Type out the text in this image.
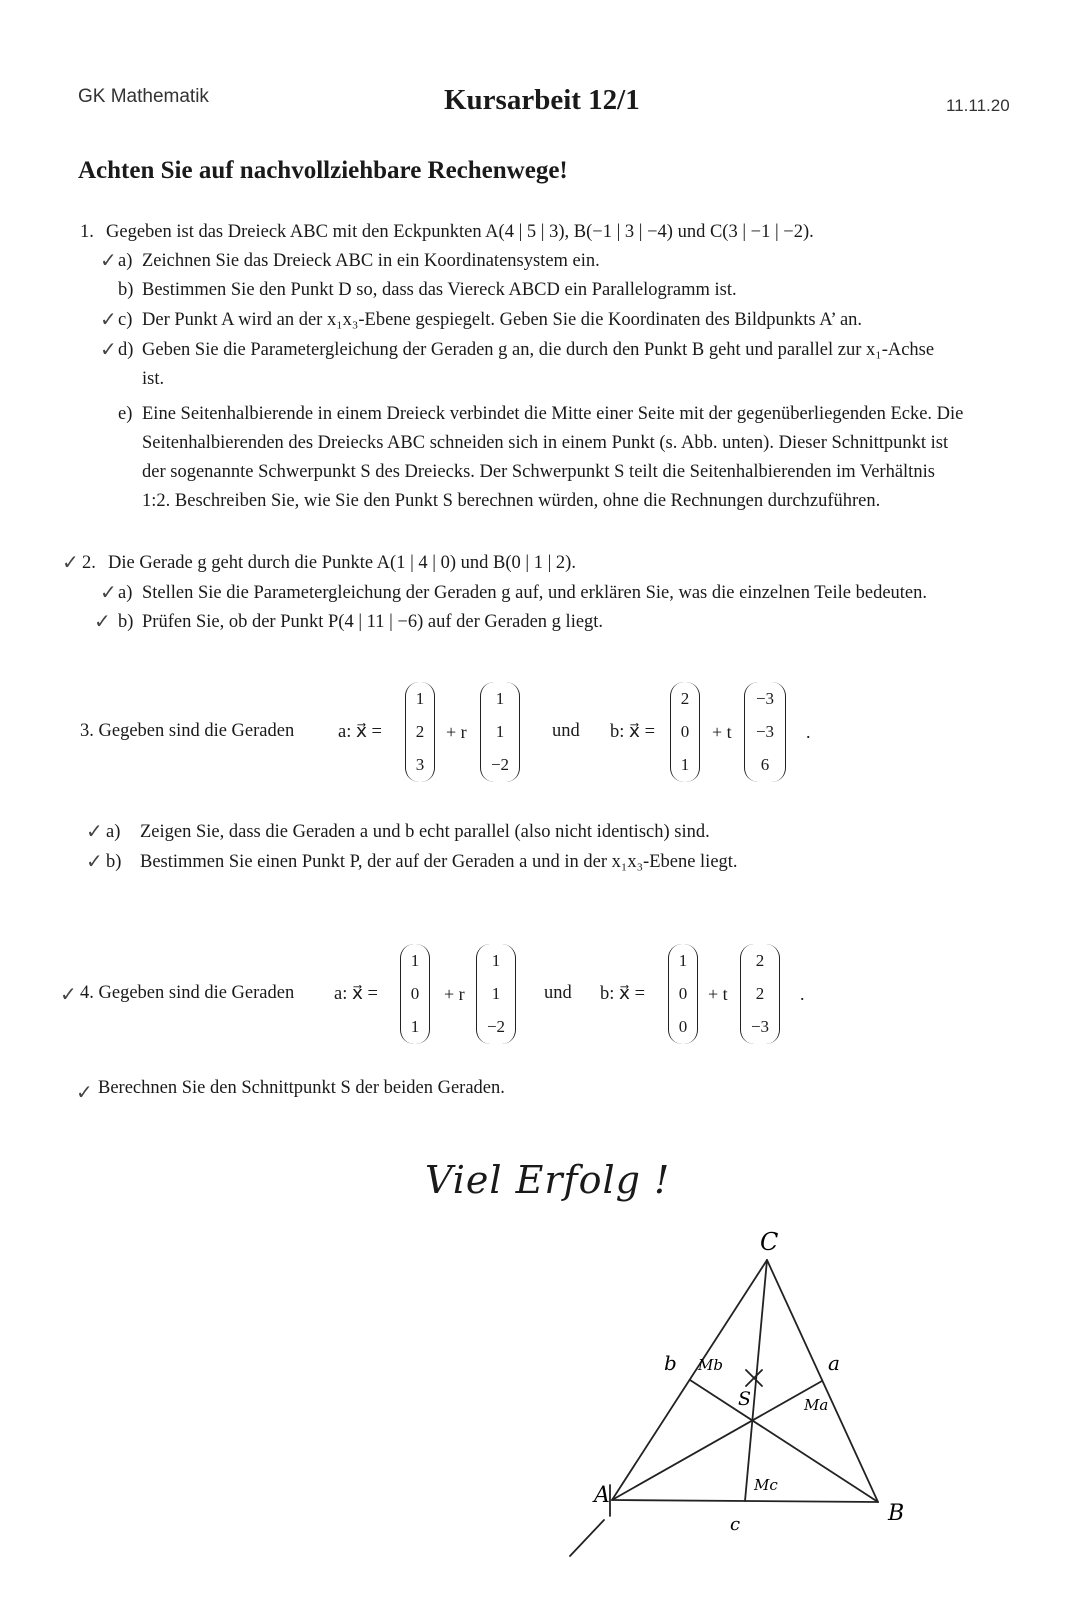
GK Mathematik	Kursarbeit 12/1	11.11.20
Achten Sie auf nachvollziehbare Rechenwege!
1. Gegeben ist das Dreieck ABC mit den Eckpunkten A(4 | 5 | 3), B(−1 | 3 | −4) und C(3 | −1 | −2).
✓ a) Zeichnen Sie das Dreieck ABC in ein Koordinatensystem ein.
b) Bestimmen Sie den Punkt D so, dass das Viereck ABCD ein Parallelogramm ist.
✓ c) Der Punkt A wird an der x₁x₃-Ebene gespiegelt. Geben Sie die Koordinaten des Bildpunkts A’ an.
✓ d) Geben Sie die Parametergleichung der Geraden g an, die durch den Punkt B geht und parallel zur x₁-Achse
ist.
e) Eine Seitenhalbierende in einem Dreieck verbindet die Mitte einer Seite mit der gegenüberliegenden Ecke. Die
Seitenhalbierenden des Dreiecks ABC schneiden sich in einem Punkt (s. Abb. unten). Dieser Schnittpunkt ist
der sogenannte Schwerpunkt S des Dreiecks. Der Schwerpunkt S teilt die Seitenhalbierenden im Verhältnis
1:2. Beschreiben Sie, wie Sie den Punkt S berechnen würden, ohne die Rechnungen durchzuführen.
✓ 2. Die Gerade g geht durch die Punkte A(1 | 4 | 0) und B(0 | 1 | 2).
✓ a) Stellen Sie die Parametergleichung der Geraden g auf, und erklären Sie, was die einzelnen Teile bedeuten.
✓ b) Prüfen Sie, ob der Punkt P(4 | 11 | −6) auf der Geraden g liegt.
3. Gegeben sind die Geraden a: x⃗ =
1
2
3
+ r
1
1
−2
und b: x⃗ =
2
0
1
+ t
−3
−3
6
.
✓ a) Zeigen Sie, dass die Geraden a und b echt parallel (also nicht identisch) sind.
✓ b) Bestimmen Sie einen Punkt P, der auf der Geraden a und in der x₁x₃-Ebene liegt.
✓ 4. Gegeben sind die Geraden a: x⃗ =
1
0
1
+ r
1
1
−2
und b: x⃗ =
1
0
0
+ t
2
2
−3
.
✓ Berechnen Sie den Schnittpunkt S der beiden Geraden.
Viel Erfolg !
C
A
B
S	Ma
Mb
Mc
a
b
c
